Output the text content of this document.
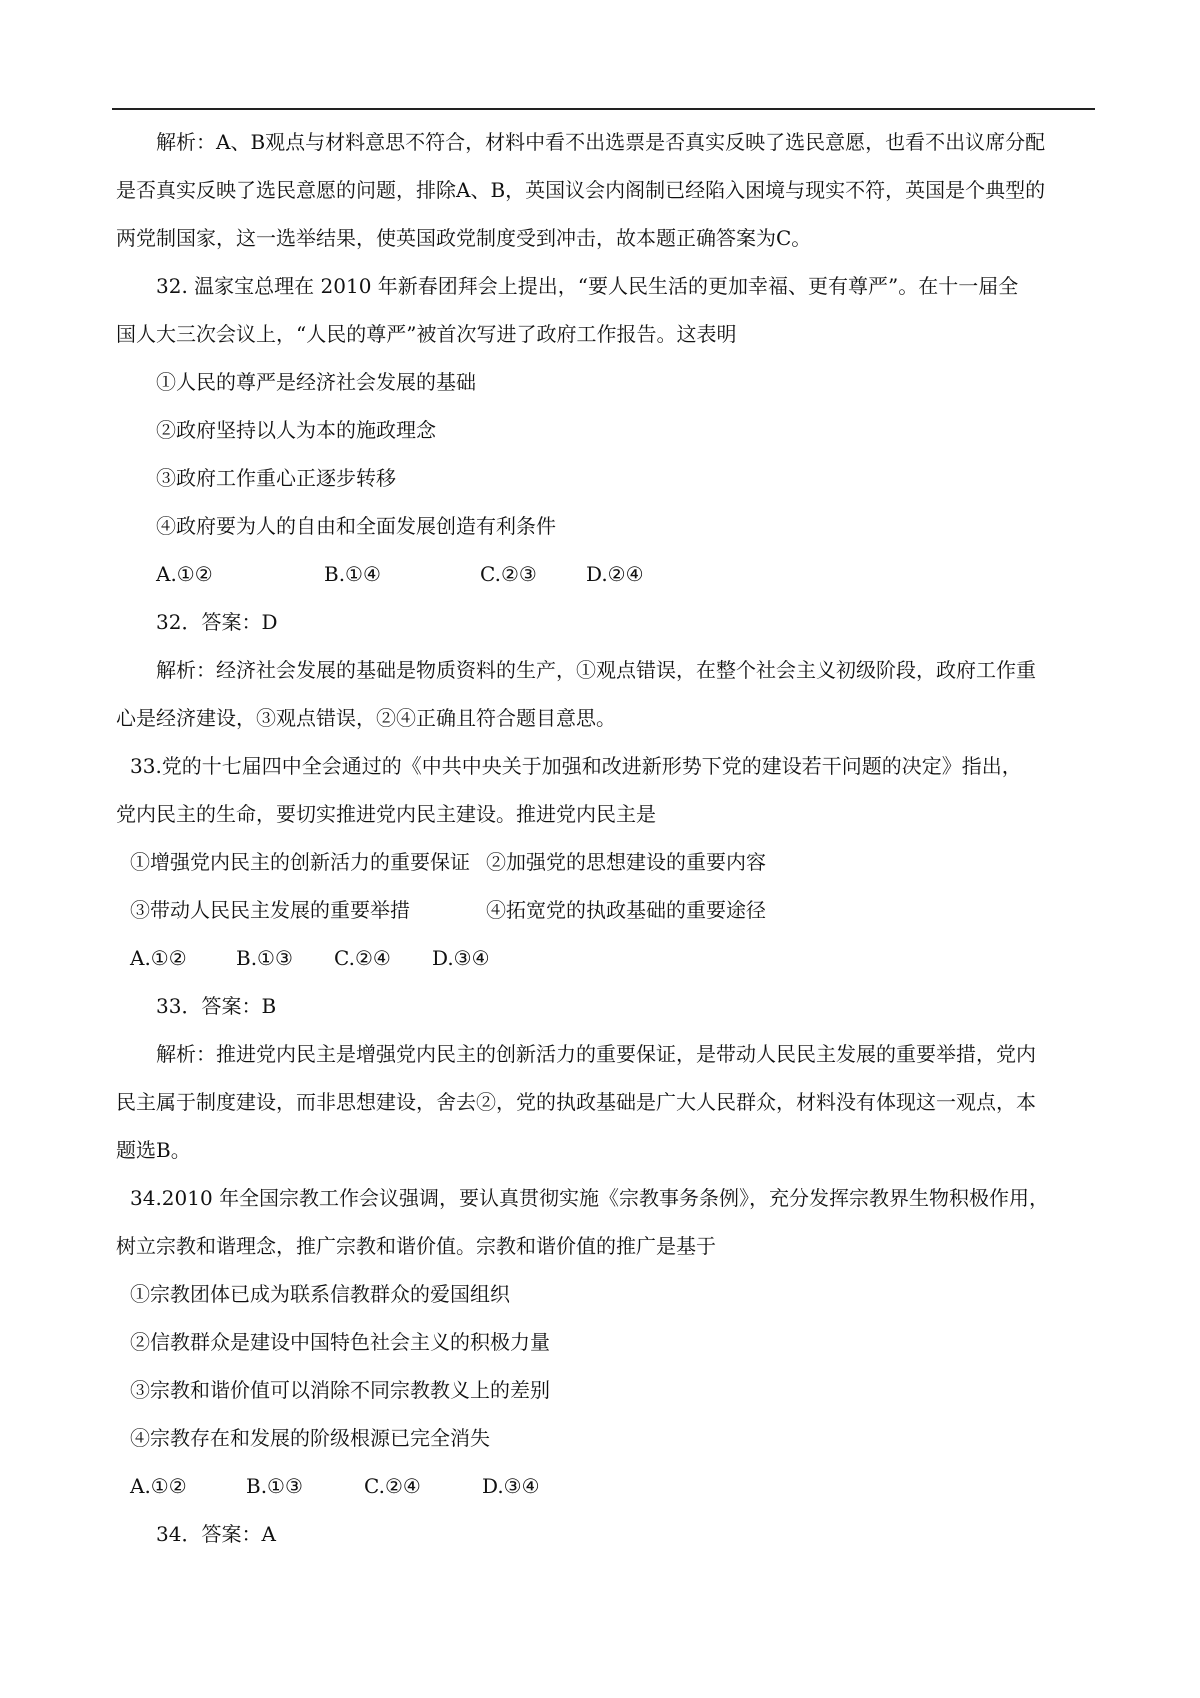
解析：A、B观点与材料意思不符合，材料中看不出选票是否真实反映了选民意愿，也看不出议席分配

是否真实反映了选民意愿的问题，排除A、B，英国议会内阁制已经陷入困境与现实不符，英国是个典型的

两党制国家，这一选举结果，使英国政党制度受到冲击，故本题正确答案为C。

32. 温家宝总理在 2010 年新春团拜会上提出，“要人民生活的更加幸福、更有尊严”。在十一届全

国人大三次会议上，“人民的尊严”被首次写进了政府工作报告。这表明

①人民的尊严是经济社会发展的基础

②政府坚持以人为本的施政理念

③政府工作重心正逐步转移

④政府要为人的自由和全面发展创造有利条件

A.①②	B.①④	C.②③ D.②④

32．答案：D

解析：经济社会发展的基础是物质资料的生产，①观点错误，在整个社会主义初级阶段，政府工作重

心是经济建设，③观点错误，②④正确且符合题目意思。

33.党的十七届四中全会通过的《中共中央关于加强和改进新形势下党的建设若干问题的决定》指出，

党内民主的生命，要切实推进党内民主建设。推进党内民主是

①增强党内民主的创新活力的重要保证 ②加强党的思想建设的重要内容

③带动人民民主发展的重要举措	④拓宽党的执政基础的重要途径

A.①② B.①③ C.②④ D.③④

33．答案：B

解析：推进党内民主是增强党内民主的创新活力的重要保证，是带动人民民主发展的重要举措，党内

民主属于制度建设，而非思想建设，舍去②，党的执政基础是广大人民群众，材料没有体现这一观点，本

题选B。

34.2010 年全国宗教工作会议强调，要认真贯彻实施《宗教事务条例》，充分发挥宗教界生物积极作用，

树立宗教和谐理念，推广宗教和谐价值。宗教和谐价值的推广是基于

①宗教团体已成为联系信教群众的爱国组织

②信教群众是建设中国特色社会主义的积极力量

③宗教和谐价值可以消除不同宗教教义上的差别

④宗教存在和发展的阶级根源已完全消失

A.①②	B.①③	C.②④	D.③④

34．答案：A
